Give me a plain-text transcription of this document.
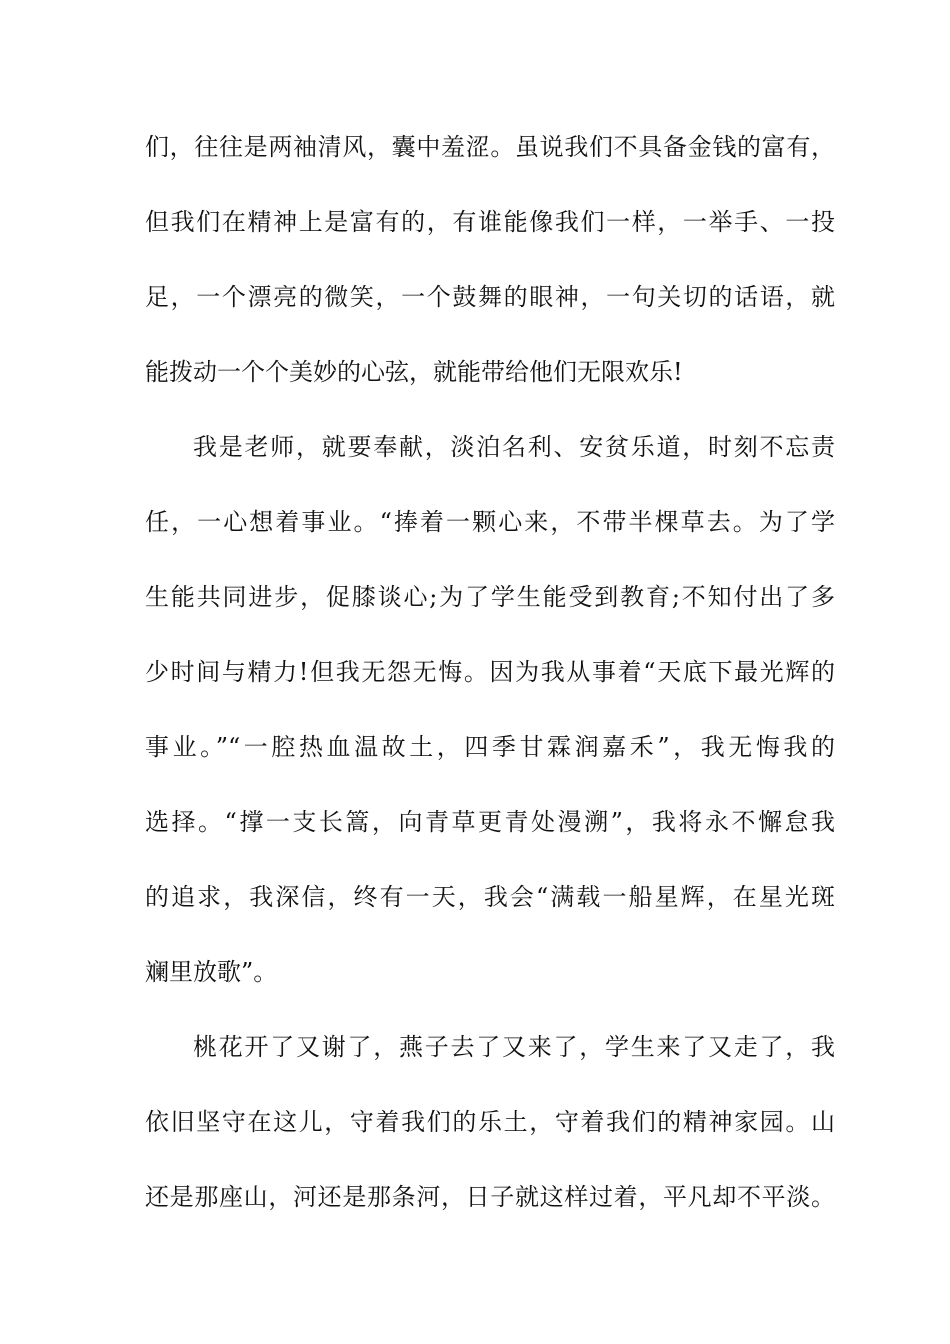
们，往往是两袖清风，囊中羞涩。虽说我们不具备金钱的富有，
但我们在精神上是富有的，有谁能像我们一样，一举手、一投
足，一个漂亮的微笑，一个鼓舞的眼神，一句关切的话语，就
能拨动一个个美妙的心弦，就能带给他们无限欢乐!
我是老师，就要奉献，淡泊名利、安贫乐道，时刻不忘责
任，一心想着事业。“捧着一颗心来，不带半棵草去。为了学
生能共同进步，促膝谈心;为了学生能受到教育;不知付出了多
少时间与精力!但我无怨无悔。因为我从事着“天底下最光辉的
事业。”“一腔热血温故土，四季甘霖润嘉禾”，我无悔我的
选择。“撑一支长篙，向青草更青处漫溯”，我将永不懈怠我
的追求，我深信，终有一天，我会“满载一船星辉，在星光斑
斓里放歌”。
桃花开了又谢了，燕子去了又来了，学生来了又走了，我
依旧坚守在这儿，守着我们的乐土，守着我们的精神家园。山
还是那座山，河还是那条河，日子就这样过着，平凡却不平淡。
